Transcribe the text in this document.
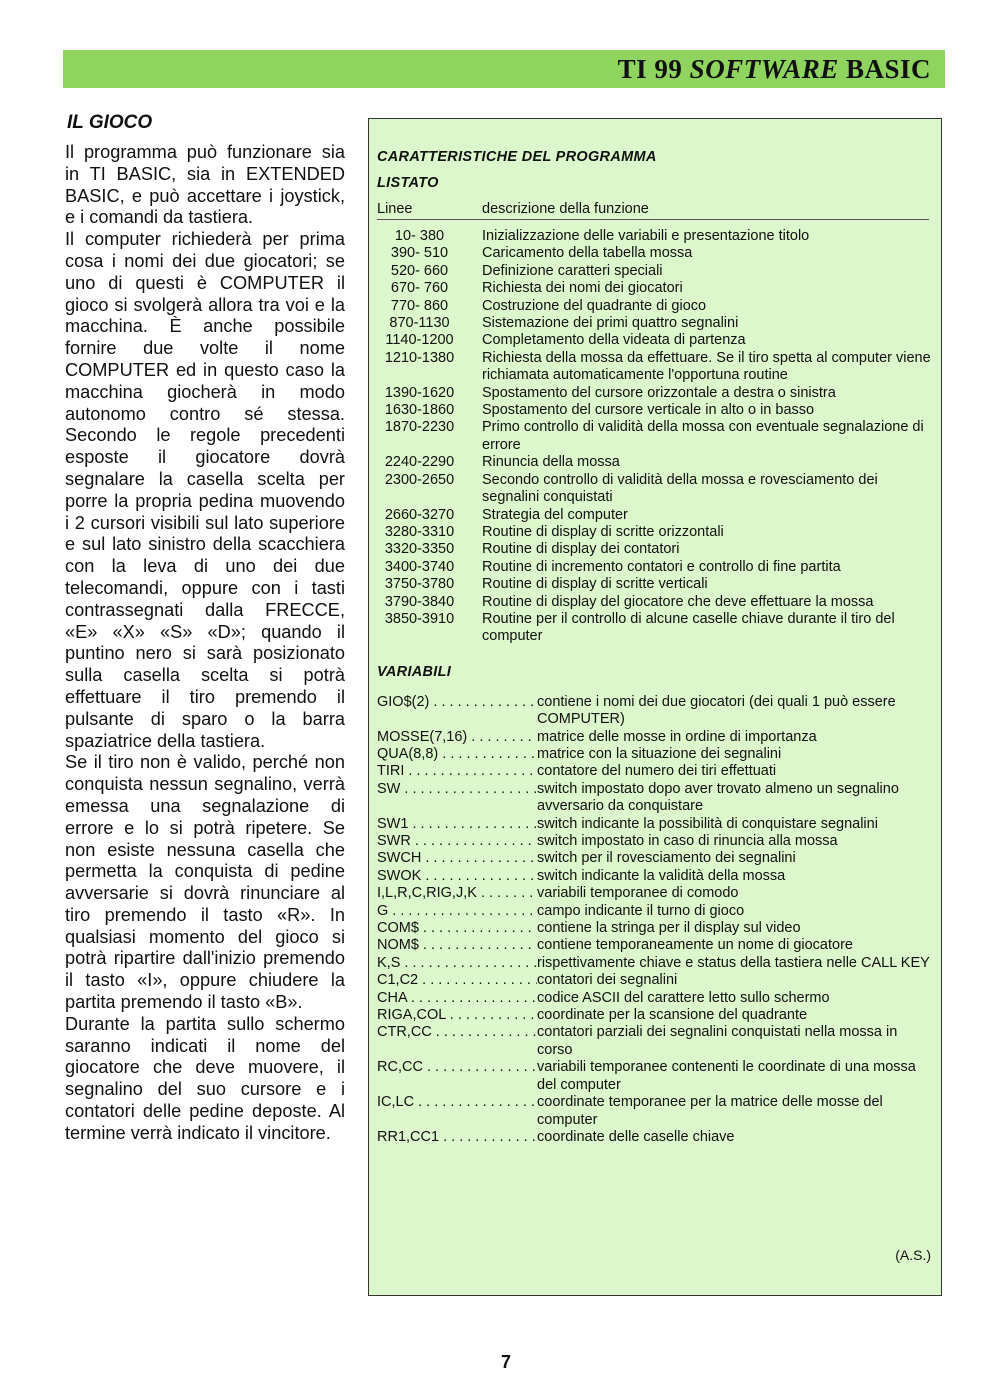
TI 99 SOFTWARE BASIC
IL GIOCO

Il programma può funzionare sia in TI BASIC, sia in EXTENDED BASIC, e può accettare i joystick, e i comandi da tastiera.

Il computer richiederà per prima cosa i nomi dei due giocatori; se uno di questi è COMPUTER il gioco si svolgerà allora tra voi e la macchina. È anche possibile fornire due volte il nome COMPUTER ed in questo caso la macchina giocherà in modo autonomo contro sé stessa. Secondo le regole precedenti esposte il giocatore dovrà segnalare la casella scelta per porre la propria pedina muovendo i 2 cursori visibili sul lato superiore e sul lato sinistro della scacchiera con la leva di uno dei due telecomandi, oppure con i tasti contrassegnati dalla FRECCE, «E» «X» «S» «D»; quando il puntino nero si sarà posizionato sulla casella scelta si potrà effettuare il tiro premendo il pulsante di sparo o la barra spaziatrice della tastiera.

Se il tiro non è valido, perché non conquista nessun segnalino, verrà emessa una segnalazione di errore e lo si potrà ripetere. Se non esiste nessuna casella che permetta la conquista di pedine avversarie si dovrà rinunciare al tiro premendo il tasto «R». In qualsiasi momento del gioco si potrà ripartire dall'inizio premendo il tasto «I», oppure chiudere la partita premendo il tasto «B».

Durante la partita sullo schermo saranno indicati il nome del giocatore che deve muovere, il segnalino del suo cursore e i contatori delle pedine deposte. Al termine verrà indicato il vincitore.

CARATTERISTICHE DEL PROGRAMMA
LISTATO
Linee	descrizione della funzione
10- 380	Inizializzazione delle variabili e presentazione titolo
390- 510	Caricamento della tabella mossa
520- 660	Definizione caratteri speciali
670- 760	Richiesta dei nomi dei giocatori
770- 860	Costruzione del quadrante di gioco
870-1130	Sistemazione dei primi quattro segnalini
1140-1200	Completamento della videata di partenza
1210-1380	Richiesta della mossa da effettuare. Se il tiro spetta al computer viene richiamata automaticamente l'opportuna routine
1390-1620	Spostamento del cursore orizzontale a destra o sinistra
1630-1860	Spostamento del cursore verticale in alto o in basso
1870-2230	Primo controllo di validità della mossa con eventuale segnalazione di errore
2240-2290	Rinuncia della mossa
2300-2650	Secondo controllo di validità della mossa e rovesciamento dei segnalini conquistati
2660-3270	Strategia del computer
3280-3310	Routine di display di scritte orizzontali
3320-3350	Routine di display dei contatori
3400-3740	Routine di incremento contatori e controllo di fine partita
3750-3780	Routine di display di scritte verticali
3790-3840	Routine di display del giocatore che deve effettuare la mossa
3850-3910	Routine per il controllo di alcune caselle chiave durante il tiro del computer
VARIABILI
GIO$(2) . . .	contiene i nomi dei due giocatori (dei quali 1 può essere COMPUTER)
MOSSE(7,16) . . .	matrice delle mosse in ordine di importanza
QUA(8,8) . . .	matrice con la situazione dei segnalini
TIRI . . .	contatore del numero dei tiri effettuati
SW . . .	switch impostato dopo aver trovato almeno un segnalino avversario da conquistare
SW1 . . .	switch indicante la possibilità di conquistare segnalini
SWR . . .	switch impostato in caso di rinuncia alla mossa
SWCH . . .	switch per il rovesciamento dei segnalini
SWOK . . .	switch indicante la validità della mossa
I,L,R,C,RIG,J,K . . .	variabili temporanee di comodo
G . . .	campo indicante il turno di gioco
COM$ . . .	contiene la stringa per il display sul video
NOM$ . . .	contiene temporaneamente un nome di giocatore
K,S . . .	rispettivamente chiave e status della tastiera nelle CALL KEY
C1,C2 . . .	contatori dei segnalini
CHA . . .	codice ASCII del carattere letto sullo schermo
RIGA,COL . . .	coordinate per la scansione del quadrante
CTR,CC . . .	contatori parziali dei segnalini conquistati nella mossa in corso
RC,CC . . .	variabili temporanee contenenti le coordinate di una mossa del computer
IC,LC . . .	coordinate temporanee per la matrice delle mosse del computer
RR1,CC1 . . .	coordinate delle caselle chiave
(A.S.)
7
